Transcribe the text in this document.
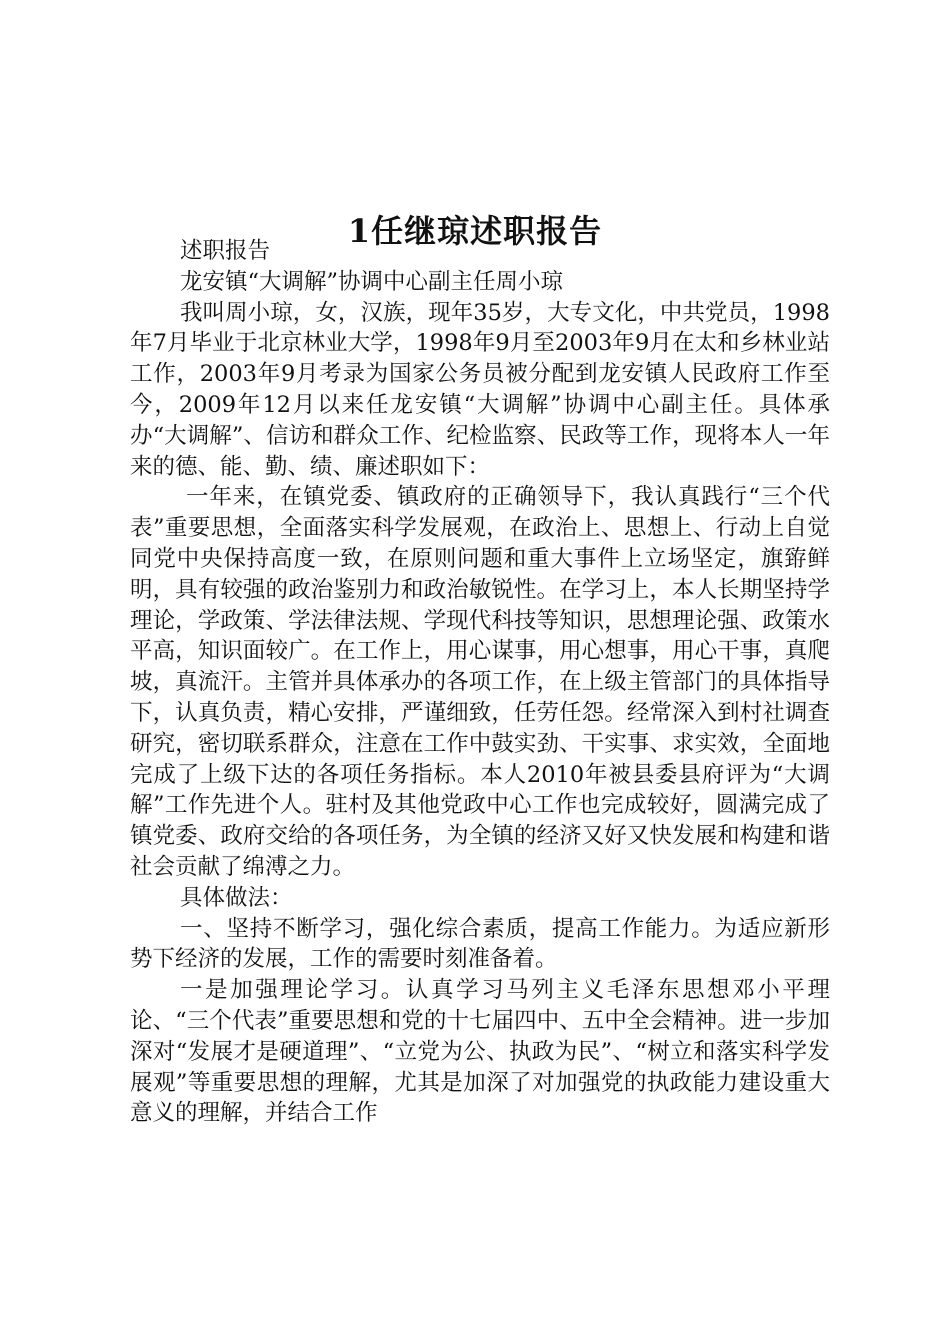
1任继琼述职报告

述职报告

龙安镇“大调解”协调中心副主任周小琼

我叫周小琼，女，汉族，现年35岁，大专文化，中共党员，1998年7月毕业于北京林业大学，1998年9月至2003年9月在太和乡林业站工作，2003年9月考录为国家公务员被分配到龙安镇人民政府工作至今，2009年12月以来任龙安镇“大调解”协调中心副主任。具体承办“大调解”、信访和群众工作、纪检监察、民政等工作，现将本人一年来的德、能、勤、绩、廉述职如下：

一年来，在镇党委、镇政府的正确领导下，我认真践行“三个代表”重要思想，全面落实科学发展观，在政治上、思想上、行动上自觉同党中央保持高度一致，在原则问题和重大事件上立场坚定，旗臶鲜明，具有较强的政治鉴别力和政治敏锐性。在学习上，本人长期坚持学理论，学政策、学法律法规、学现代科技等知识，思想理论强、政策水平高，知识面较广。在工作上，用心谋事，用心想事，用心干事，真爬坡，真流汗。主管并具体承办的各项工作，在上级主管部门的具体指导下，认真负责，精心安排，严谨细致，任劳任怨。经常深入到村社调查研究，密切联系群众，注意在工作中鼓实劲、干实事、求实效，全面地完成了上级下达的各项任务指标。本人2010年被县委县府评为“大调解”工作先进个人。驻村及其他党政中心工作也完成较好，圆满完成了镇党委、政府交给的各项任务，为全镇的经济又好又快发展和构建和谐社会贡献了绵溥之力。

具体做法：

一、坚持不断学习，强化综合素质，提高工作能力。为适应新形势下经济的发展，工作的需要时刻准备着。

一是加强理论学习。认真学习马列主义毛泽东思想邓小平理论、“三个代表”重要思想和党的十七届四中、五中全会精神。进一步加深对“发展才是硬道理”、“立党为公、执政为民”、“树立和落实科学发展观”等重要思想的理解，尤其是加深了对加强党的执政能力建设重大意义的理解，并结合工作
